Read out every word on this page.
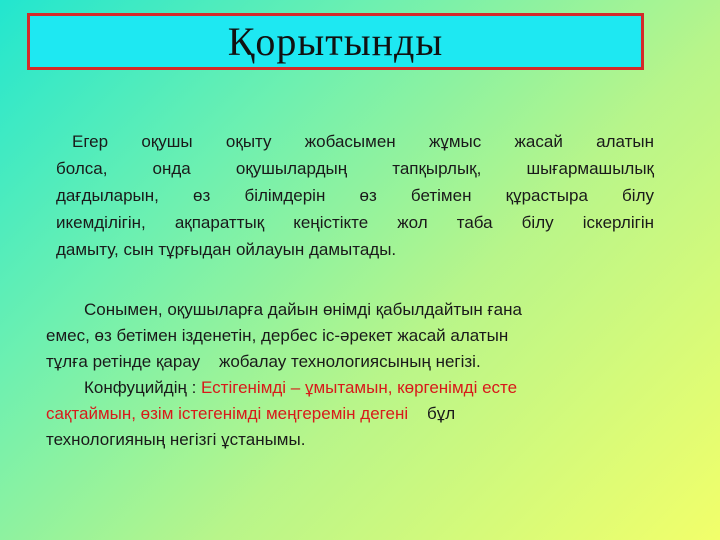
Қорытынды
Егер оқушы оқыту жобасымен жұмыс жасай алатын
болса, онда оқушылардың тапқырлық, шығармашылық
дағдыларын, өз білімдерін өз бетімен құрастыра білу
икемділігін, ақпараттық кеңістікте жол таба білу іскерлігін
дамыту, сын тұрғыдан ойлауын дамытады.
Сонымен, оқушыларға дайын өнімді қабылдайтын ғана
емес, өз бетімен ізденетін, дербес іс-әрекет жасай алатын
тұлға ретінде қарау    жобалау технологиясының негізі.
Конфуцийдің : Естігенімді – ұмытамын, көргенімді есте
сақтаймын, өзім істегенімді меңгеремін дегені    бұл
технологияның негізгі ұстанымы.
